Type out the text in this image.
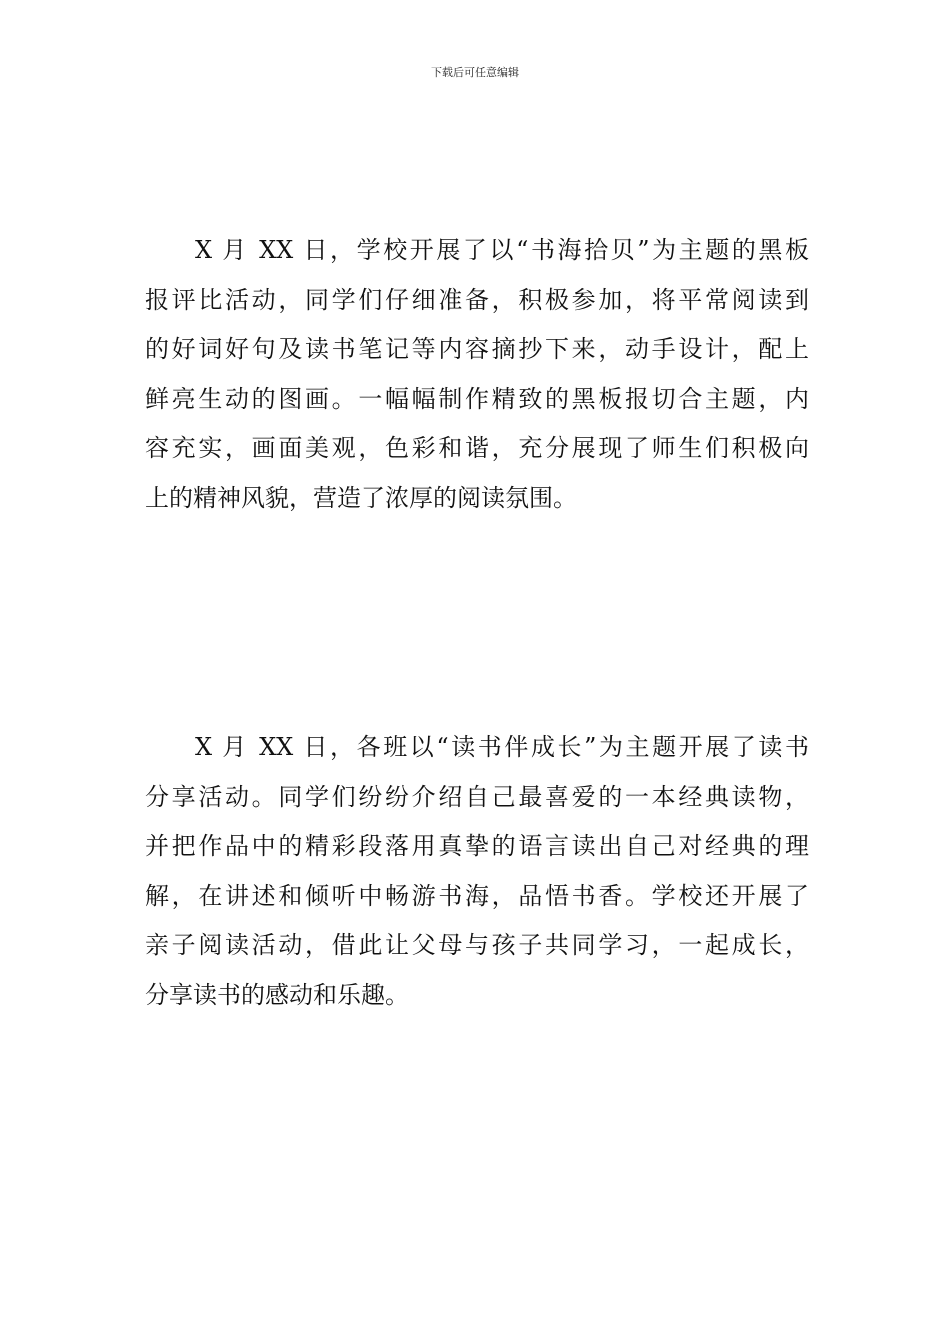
下载后可任意编辑
X 月 XX 日，学校开展了以“书海拾贝”为主题的黑板
报评比活动，同学们仔细准备，积极参加，将平常阅读到
的好词好句及读书笔记等内容摘抄下来，动手设计，配上
鲜亮生动的图画。一幅幅制作精致的黑板报切合主题，内
容充实，画面美观，色彩和谐，充分展现了师生们积极向
上的精神风貌，营造了浓厚的阅读氛围。
X 月 XX 日，各班以“读书伴成长”为主题开展了读书
分享活动。同学们纷纷介绍自己最喜爱的一本经典读物，
并把作品中的精彩段落用真挚的语言读出自己对经典的理
解，在讲述和倾听中畅游书海，品悟书香。学校还开展了
亲子阅读活动，借此让父母与孩子共同学习，一起成长，
分享读书的感动和乐趣。
